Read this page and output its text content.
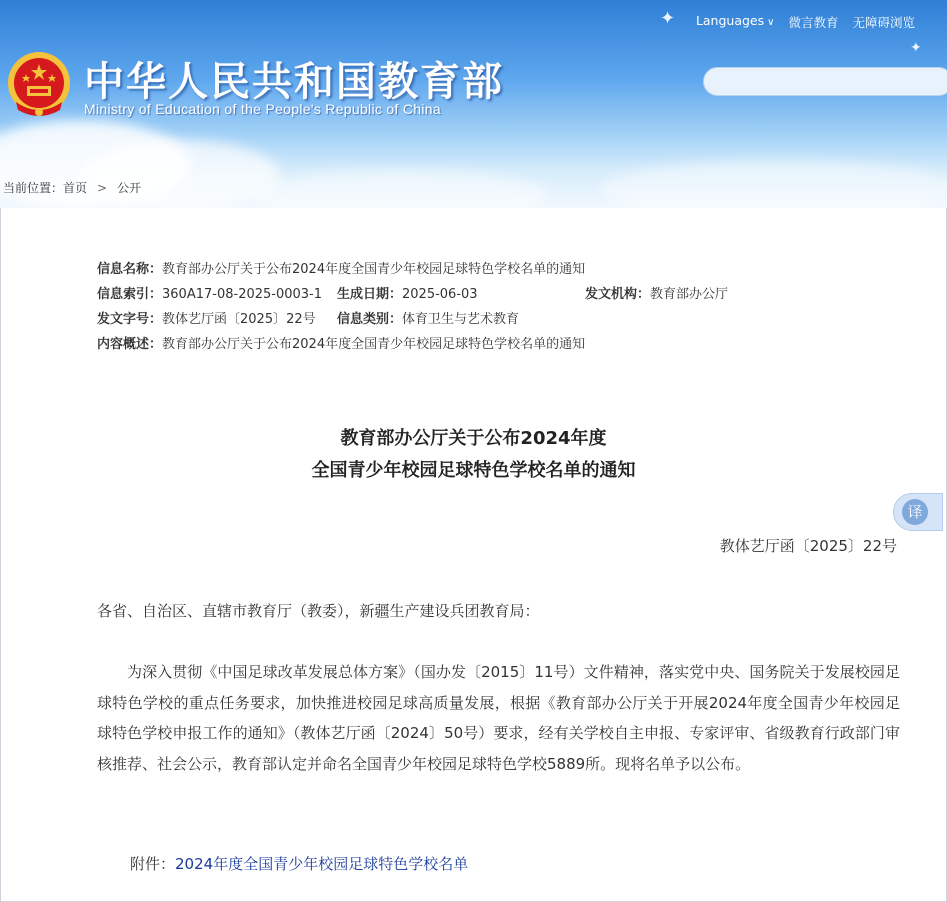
✦
✦
中华人民共和国教育部
Ministry of Education of the People's Republic of China
Languages ∨ 微言教育 无障碍浏览
当前位置：首页 > 公开
信息名称：教育部办公厅关于公布2024年度全国青少年校园足球特色学校名单的通知
信息索引：360A17-08-2025-0003-1 生成日期：2025-06-03	发文机构：教育部办公厅
发文字号：教体艺厅函〔2025〕22号 信息类别：体育卫生与艺术教育
内容概述：教育部办公厅关于公布2024年度全国青少年校园足球特色学校名单的通知
教育部办公厅关于公布2024年度
全国青少年校园足球特色学校名单的通知
教体艺厅函〔2025〕22号
各省、自治区、直辖市教育厅（教委），新疆生产建设兵团教育局：
为深入贯彻《中国足球改革发展总体方案》（国办发〔2015〕11号）文件精神，落实党中央、国务院关于发展校园足球特色学校的重点任务要求，加快推进校园足球高质量发展，根据《教育部办公厅关于开展2024年度全国青少年校园足球特色学校申报工作的通知》（教体艺厅函〔2024〕50号）要求，经有关学校自主申报、专家评审、省级教育行政部门审核推荐、社会公示，教育部认定并命名全国青少年校园足球特色学校5889所。现将名单予以公布。
附件：2024年度全国青少年校园足球特色学校名单
译
